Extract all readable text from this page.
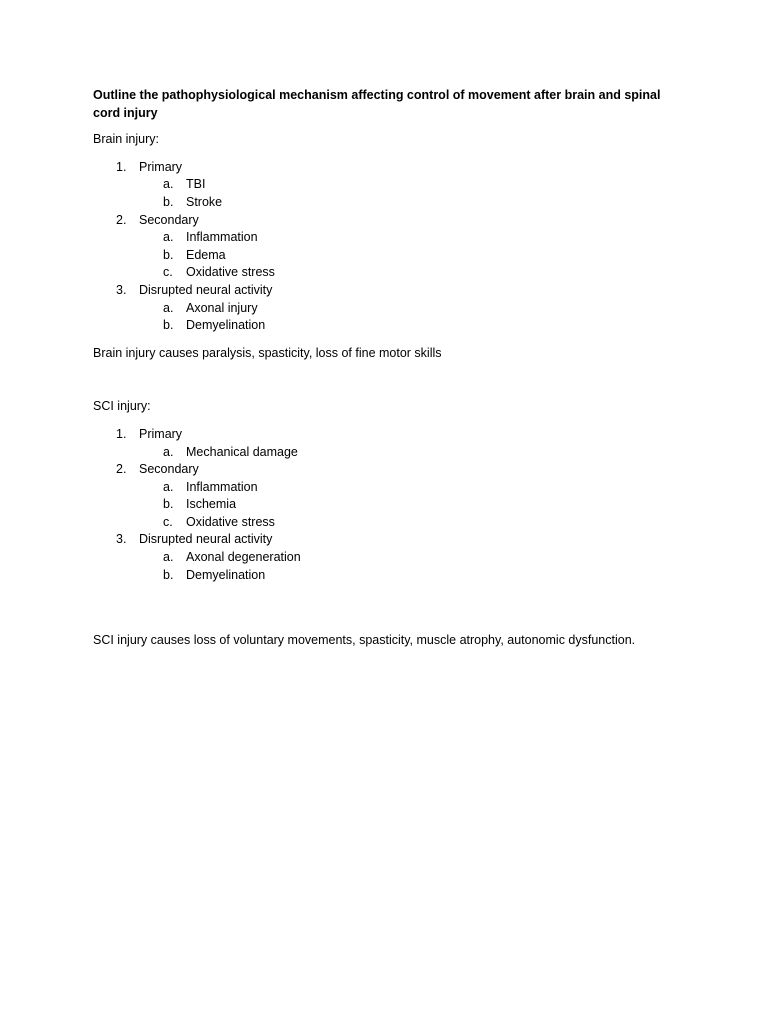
Outline the pathophysiological mechanism affecting control of movement after brain and spinal cord injury

Brain injury:

1. Primary
a. TBI
b. Stroke
2. Secondary
a. Inflammation
b. Edema
c. Oxidative stress
3. Disrupted neural activity
a. Axonal injury
b. Demyelination

Brain injury causes paralysis, spasticity, loss of fine motor skills

SCI injury:

1. Primary
a. Mechanical damage
2. Secondary
a. Inflammation
b. Ischemia
c. Oxidative stress
3. Disrupted neural activity
a. Axonal degeneration
b. Demyelination

SCI injury causes loss of voluntary movements, spasticity, muscle atrophy, autonomic dysfunction.
